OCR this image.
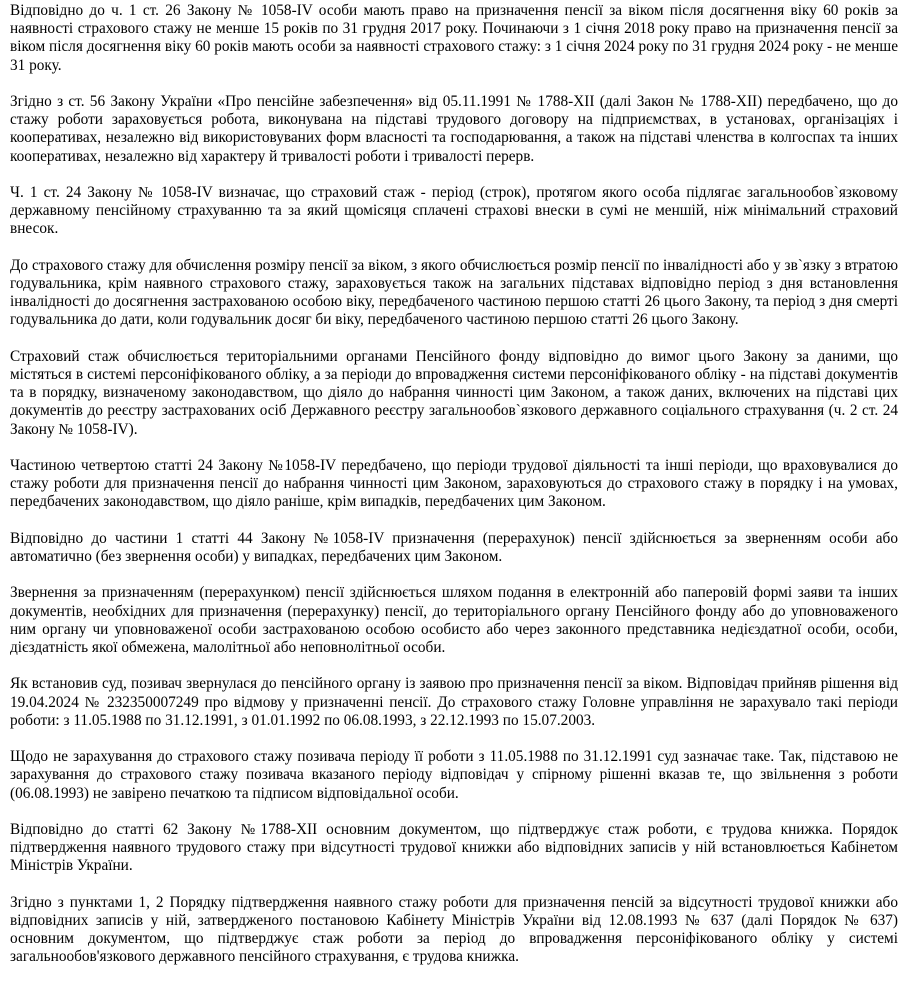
Відповідно до ч. 1 ст. 26 Закону № 1058-IV особи мають право на призначення пенсії за віком після досягнення віку 60 років за наявності страхового стажу не менше 15 років по 31 грудня 2017 року. Починаючи з 1 січня 2018 року право на призначення пенсії за віком після досягнення віку 60 років мають особи за наявності страхового стажу: з 1 січня 2024 року по 31 грудня 2024 року - не менше 31 року.

Згідно з ст. 56 Закону України «Про пенсійне забезпечення» від 05.11.1991 № 1788-XII (далі Закон № 1788-XII) передбачено, що до стажу роботи зараховується робота, виконувана на підставі трудового договору на підприємствах, в установах, організаціях і кооперативах, незалежно від використовуваних форм власності та господарювання, а також на підставі членства в колгоспах та інших кооперативах, незалежно від характеру й тривалості роботи і тривалості перерв.

Ч. 1 ст. 24 Закону № 1058-IV визначає, що страховий стаж - період (строк), протягом якого особа підлягає загальнообов`язковому державному пенсійному страхуванню та за який щомісяця сплачені страхові внески в сумі не меншій, ніж мінімальний страховий внесок.

До страхового стажу для обчислення розміру пенсії за віком, з якого обчислюється розмір пенсії по інвалідності або у зв`язку з втратою годувальника, крім наявного страхового стажу, зараховується також на загальних підставах відповідно період з дня встановлення інвалідності до досягнення застрахованою особою віку, передбаченого частиною першою статті 26 цього Закону, та період з дня смерті годувальника до дати, коли годувальник досяг би віку, передбаченого частиною першою статті 26 цього Закону.

Страховий стаж обчислюється територіальними органами Пенсійного фонду відповідно до вимог цього Закону за даними, що містяться в системі персоніфікованого обліку, а за періоди до впровадження системи персоніфікованого обліку - на підставі документів та в порядку, визначеному законодавством, що діяло до набрання чинності цим Законом, а також даних, включених на підставі цих документів до реєстру застрахованих осіб Державного реєстру загальнообов`язкового державного соціального страхування (ч. 2 ст. 24 Закону № 1058-IV).

Частиною четвертою статті 24 Закону №1058-IV передбачено, що періоди трудової діяльності та інші періоди, що враховувалися до стажу роботи для призначення пенсії до набрання чинності цим Законом, зараховуються до страхового стажу в порядку і на умовах, передбачених законодавством, що діяло раніше, крім випадків, передбачених цим Законом.

Відповідно до частини 1 статті 44 Закону №1058-IV призначення (перерахунок) пенсії здійснюється за зверненням особи або автоматично (без звернення особи) у випадках, передбачених цим Законом.

Звернення за призначенням (перерахунком) пенсії здійснюється шляхом подання в електронній або паперовій формі заяви та інших документів, необхідних для призначення (перерахунку) пенсії, до територіального органу Пенсійного фонду або до уповноваженого ним органу чи уповноваженої особи застрахованою особою особисто або через законного представника недієздатної особи, особи, дієздатність якої обмежена, малолітньої або неповнолітньої особи.

Як встановив суд, позивач звернулася до пенсійного органу із заявою про призначення пенсії за віком. Відповідач прийняв рішення від 19.04.2024 № 232350007249 про відмову у призначенні пенсії. До страхового стажу Головне управління не зарахувало такі періоди роботи: з 11.05.1988 по 31.12.1991, з 01.01.1992 по 06.08.1993, з 22.12.1993 по 15.07.2003.

Щодо не зарахування до страхового стажу позивача періоду її роботи з 11.05.1988 по 31.12.1991 суд зазначає таке. Так, підставою не зарахування до страхового стажу позивача вказаного періоду відповідач у спірному рішенні вказав те, що звільнення з роботи (06.08.1993) не завірено печаткою та підписом відповідальної особи.

Відповідно до статті 62 Закону №1788-XII основним документом, що підтверджує стаж роботи, є трудова книжка. Порядок підтвердження наявного трудового стажу при відсутності трудової книжки або відповідних записів у ній встановлюється Кабінетом Міністрів України.

Згідно з пунктами 1, 2 Порядку підтвердження наявного стажу роботи для призначення пенсій за відсутності трудової книжки або відповідних записів у ній, затвердженого постановою Кабінету Міністрів України від 12.08.1993 № 637 (далі Порядок № 637) основним документом, що підтверджує стаж роботи за період до впровадження персоніфікованого обліку у системі загальнообов'язкового державного пенсійного страхування, є трудова книжка.
